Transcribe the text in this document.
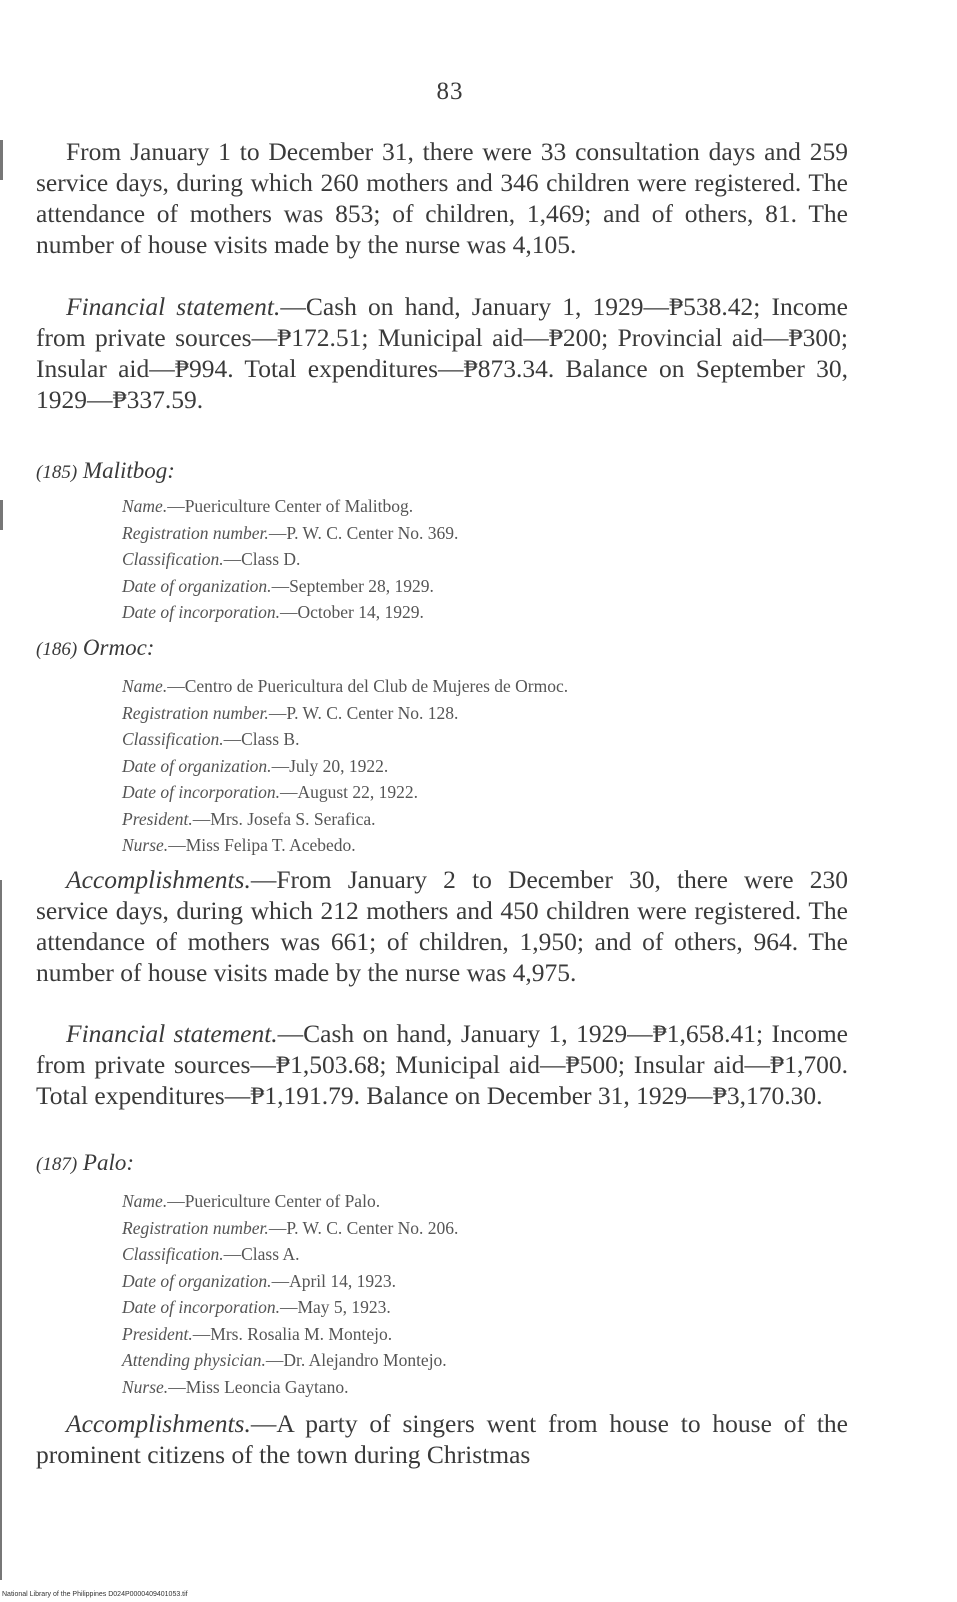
83
From January 1 to December 31, there were 33 consultation days and 259 service days, during which 260 mothers and 346 children were registered. The attendance of mothers was 853; of children, 1,469; and of others, 81. The number of house visits made by the nurse was 4,105.
Financial statement.—Cash on hand, January 1, 1929—₱538.42; Income from private sources—₱172.51; Municipal aid—₱200; Provincial aid—₱300; Insular aid—₱994. Total expenditures—₱873.34. Balance on September 30, 1929—₱337.59.
(185) Malitbog:
Name.—Puericulture Center of Malitbog.
Registration number.—P. W. C. Center No. 369.
Classification.—Class D.
Date of organization.—September 28, 1929.
Date of incorporation.—October 14, 1929.
(186) Ormoc:
Name.—Centro de Puericultura del Club de Mujeres de Ormoc.
Registration number.—P. W. C. Center No. 128.
Classification.—Class B.
Date of organization.—July 20, 1922.
Date of incorporation.—August 22, 1922.
President.—Mrs. Josefa S. Serafica.
Nurse.—Miss Felipa T. Acebedo.
Accomplishments.—From January 2 to December 30, there were 230 service days, during which 212 mothers and 450 children were registered. The attendance of mothers was 661; of children, 1,950; and of others, 964. The number of house visits made by the nurse was 4,975.
Financial statement.—Cash on hand, January 1, 1929—₱1,658.41; Income from private sources—₱1,503.68; Municipal aid—₱500; Insular aid—₱1,700. Total expenditures—₱1,191.79. Balance on December 31, 1929—₱3,170.30.
(187) Palo:
Name.—Puericulture Center of Palo.
Registration number.—P. W. C. Center No. 206.
Classification.—Class A.
Date of organization.—April 14, 1923.
Date of incorporation.—May 5, 1923.
President.—Mrs. Rosalia M. Montejo.
Attending physician.—Dr. Alejandro Montejo.
Nurse.—Miss Leoncia Gaytano.
Accomplishments.—A party of singers went from house to house of the prominent citizens of the town during Christmas
National Library of the Philippines D024P0000409401053.tif
